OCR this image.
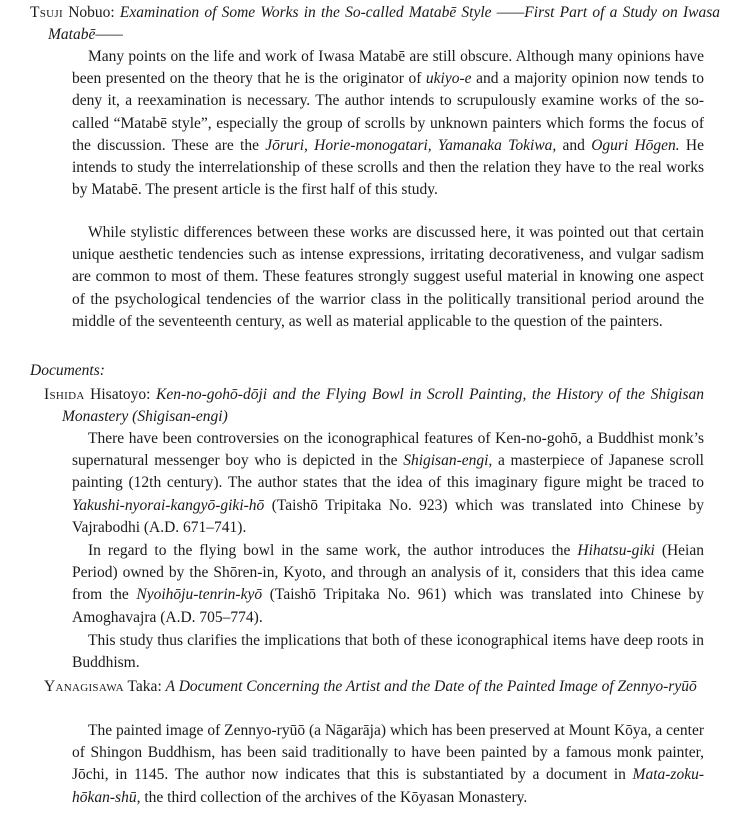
Tsuji Nobuo: Examination of Some Works in the So-called Matabē Style ——First Part of a Study on Iwasa Matabē——

Many points on the life and work of Iwasa Matabē are still obscure. Although many opinions have been presented on the theory that he is the originator of ukiyo-e and a majority opinion now tends to deny it, a reexamination is necessary. The author intends to scrupulously examine works of the so-called “Matabē style”, especially the group of scrolls by unknown painters which forms the focus of the discussion. These are the Jōruri, Horie-monogatari, Yamanaka Tokiwa, and Oguri Hōgen. He intends to study the interrelationship of these scrolls and then the relation they have to the real works by Matabē. The present article is the first half of this study.

While stylistic differences between these works are discussed here, it was pointed out that certain unique aesthetic tendencies such as intense expressions, irritating decorativeness, and vulgar sadism are common to most of them. These features strongly suggest useful material in knowing one aspect of the psychological tendencies of the warrior class in the politically transitional period around the middle of the seventeenth century, as well as material applicable to the question of the painters.

Documents:
Ishida Hisatoyo: Ken-no-gohō-dōji and the Flying Bowl in Scroll Painting, the History of the Shigisan Monastery (Shigisan-engi)

There have been controversies on the iconographical features of Ken-no-gohō, a Buddhist monk’s supernatural messenger boy who is depicted in the Shigisan-engi, a masterpiece of Japanese scroll painting (12th century). The author states that the idea of this imaginary figure might be traced to Yakushi-nyorai-kangyō-giki-hō (Taishō Tripitaka No. 923) which was translated into Chinese by Vajrabodhi (A.D. 671–741).

In regard to the flying bowl in the same work, the author introduces the Hihatsu-giki (Heian Period) owned by the Shōren-in, Kyoto, and through an analysis of it, considers that this idea came from the Nyoihōju-tenrin-kyō (Taishō Tripitaka No. 961) which was translated into Chinese by Amoghavajra (A.D. 705–774).

This study thus clarifies the implications that both of these iconographical items have deep roots in Buddhism.

Yanagisawa Taka: A Document Concerning the Artist and the Date of the Painted Image of Zennyo-ryūō

The painted image of Zennyo-ryūō (a Nāgarāja) which has been preserved at Mount Kōya, a center of Shingon Buddhism, has been said traditionally to have been painted by a famous monk painter, Jōchi, in 1145. The author now indicates that this is substantiated by a document in Mata-zoku-hōkan-shū, the third collection of the archives of the Kōyasan Monastery.
